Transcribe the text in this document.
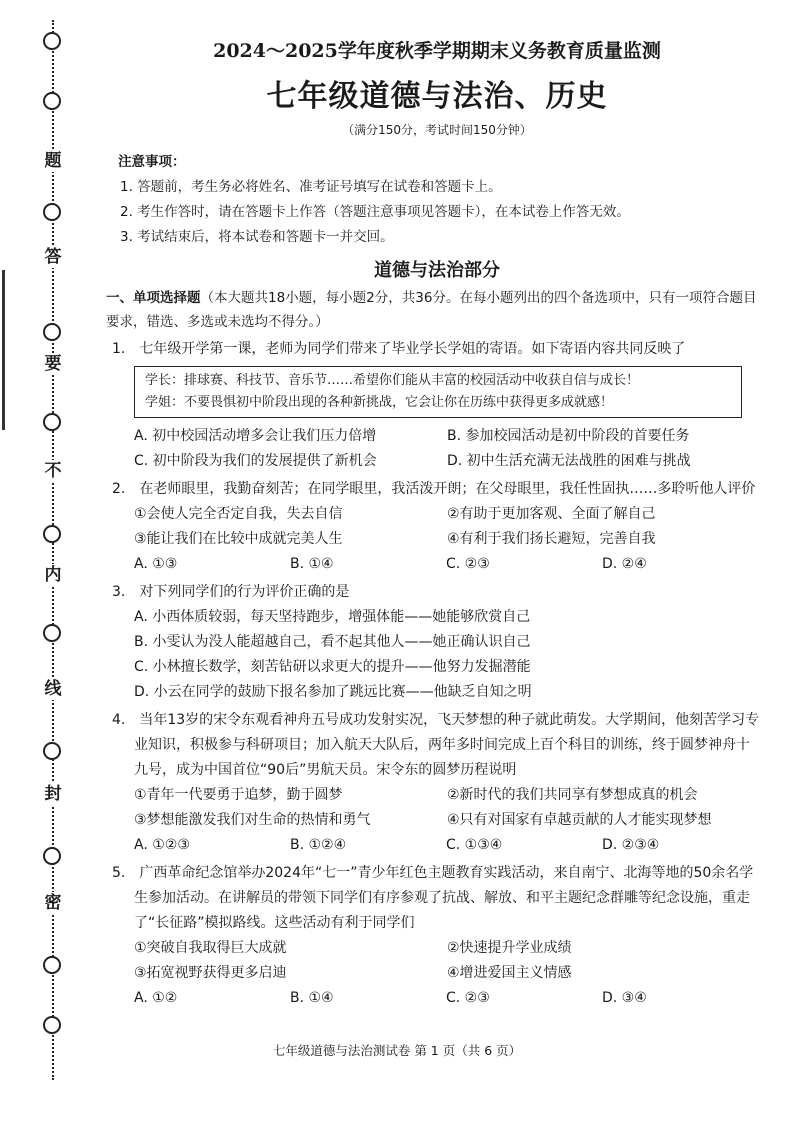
题
答
要
不
内
线
封
密
2024～2025学年度秋季学期期末义务教育质量监测
七年级道德与法治、历史
（满分150分，考试时间150分钟）
注意事项：
1. 答题前，考生务必将姓名、准考证号填写在试卷和答题卡上。
2. 考生作答时，请在答题卡上作答（答题注意事项见答题卡），在本试卷上作答无效。
3. 考试结束后，将本试卷和答题卡一并交回。
道德与法治部分
一、单项选择题（本大题共18小题，每小题2分，共36分。在每小题列出的四个备选项中，只有一项符合题目要求，错选、多选或未选均不得分。）
1.　七年级开学第一课，老师为同学们带来了毕业学长学姐的寄语。如下寄语内容共同反映了
学长：排球赛、科技节、音乐节……希望你们能从丰富的校园活动中收获自信与成长！
学姐：不要畏惧初中阶段出现的各种新挑战，它会让你在历练中获得更多成就感！
A. 初中校园活动增多会让我们压力倍增	B. 参加校园活动是初中阶段的首要任务
C. 初中阶段为我们的发展提供了新机会	D. 初中生活充满无法战胜的困难与挑战
2.　在老师眼里，我勤奋刻苦；在同学眼里，我活泼开朗；在父母眼里，我任性固执……多聆听他人评价
①会使人完全否定自我，失去自信	②有助于更加客观、全面了解自己
③能让我们在比较中成就完美人生	④有利于我们扬长避短，完善自我
A. ①③	B. ①④	C. ②③	D. ②④
3.　对下列同学们的行为评价正确的是
A. 小西体质较弱，每天坚持跑步，增强体能——她能够欣赏自己
B. 小雯认为没人能超越自己，看不起其他人——她正确认识自己
C. 小林擅长数学，刻苦钻研以求更大的提升——他努力发掘潜能
D. 小云在同学的鼓励下报名参加了跳远比赛——他缺乏自知之明
4.　当年13岁的宋令东观看神舟五号成功发射实况，飞天梦想的种子就此萌发。大学期间，他刻苦学习专业知识，积极参与科研项目；加入航天大队后，两年多时间完成上百个科目的训练，终于圆梦神舟十九号，成为中国首位“90后”男航天员。宋令东的圆梦历程说明
①青年一代要勇于追梦，勤于圆梦	②新时代的我们共同享有梦想成真的机会
③梦想能激发我们对生命的热情和勇气	④只有对国家有卓越贡献的人才能实现梦想
A. ①②③	B. ①②④	C. ①③④	D. ②③④
5.　广西革命纪念馆举办2024年“七一”青少年红色主题教育实践活动，来自南宁、北海等地的50余名学生参加活动。在讲解员的带领下同学们有序参观了抗战、解放、和平主题纪念群雕等纪念设施，重走了“长征路”模拟路线。这些活动有利于同学们
①突破自我取得巨大成就	②快速提升学业成绩
③拓宽视野获得更多启迪	④增进爱国主义情感
A. ①②	B. ①④	C. ②③	D. ③④
七年级道德与法治测试卷 第 1 页（共 6 页）
